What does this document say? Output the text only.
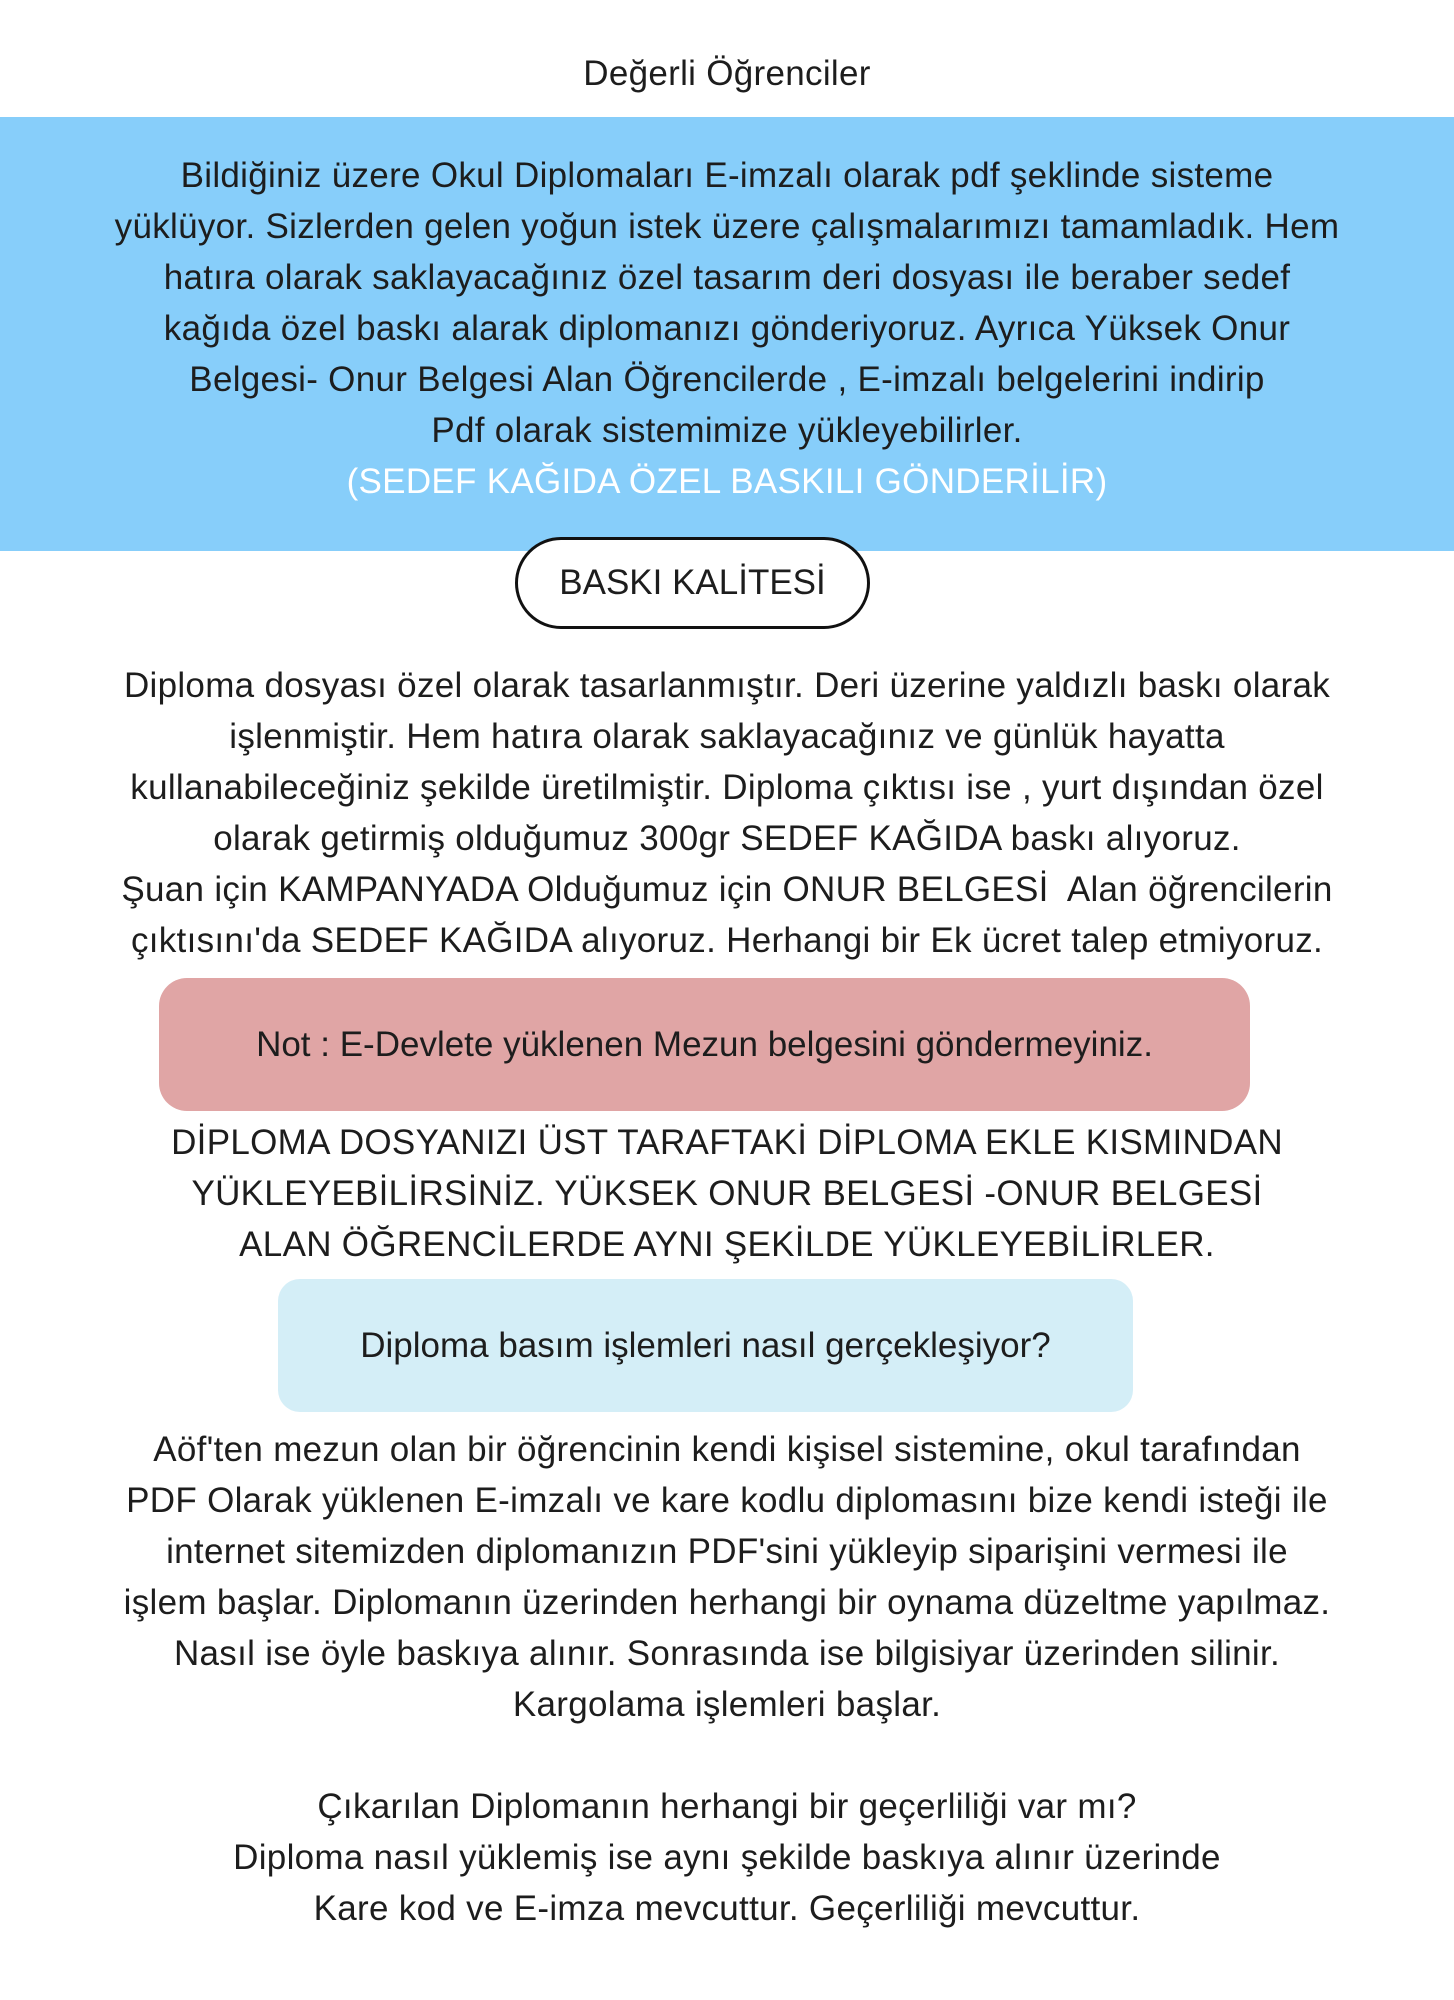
Değerli Öğrenciler
Bildiğiniz üzere Okul Diplomaları E-imzalı olarak pdf şeklinde sisteme
yüklüyor. Sizlerden gelen yoğun istek üzere çalışmalarımızı tamamladık. Hem
hatıra olarak saklayacağınız özel tasarım deri dosyası ile beraber sedef
kağıda özel baskı alarak diplomanızı gönderiyoruz. Ayrıca Yüksek Onur
Belgesi- Onur Belgesi Alan Öğrencilerde , E-imzalı belgelerini indirip
Pdf olarak sistemimize yükleyebilirler.
(SEDEF KAĞIDA ÖZEL BASKILI GÖNDERİLİR)
BASKI KALİTESİ
Diploma dosyası özel olarak tasarlanmıştır. Deri üzerine yaldızlı baskı olarak
işlenmiştir. Hem hatıra olarak saklayacağınız ve günlük hayatta
kullanabileceğiniz şekilde üretilmiştir. Diploma çıktısı ise , yurt dışından özel
olarak getirmiş olduğumuz 300gr SEDEF KAĞIDA baskı alıyoruz.
Şuan için KAMPANYADA Olduğumuz için ONUR BELGESİ  Alan öğrencilerin
çıktısını'da SEDEF KAĞIDA alıyoruz. Herhangi bir Ek ücret talep etmiyoruz.
Not : E-Devlete yüklenen Mezun belgesini göndermeyiniz.
DİPLOMA DOSYANIZI ÜST TARAFTAKİ DİPLOMA EKLE KISMINDAN
YÜKLEYEBİLİRSİNİZ. YÜKSEK ONUR BELGESİ -ONUR BELGESİ
ALAN ÖĞRENCİLERDE AYNI ŞEKİLDE YÜKLEYEBİLİRLER.
Diploma basım işlemleri nasıl gerçekleşiyor?
Aöf'ten mezun olan bir öğrencinin kendi kişisel sistemine, okul tarafından
PDF Olarak yüklenen E-imzalı ve kare kodlu diplomasını bize kendi isteği ile
internet sitemizden diplomanızın PDF'sini yükleyip siparişini vermesi ile
işlem başlar. Diplomanın üzerinden herhangi bir oynama düzeltme yapılmaz.
Nasıl ise öyle baskıya alınır. Sonrasında ise bilgisiyar üzerinden silinir.
Kargolama işlemleri başlar.
Çıkarılan Diplomanın herhangi bir geçerliliği var mı?
Diploma nasıl yüklemiş ise aynı şekilde baskıya alınır üzerinde
Kare kod ve E-imza mevcuttur. Geçerliliği mevcuttur.
